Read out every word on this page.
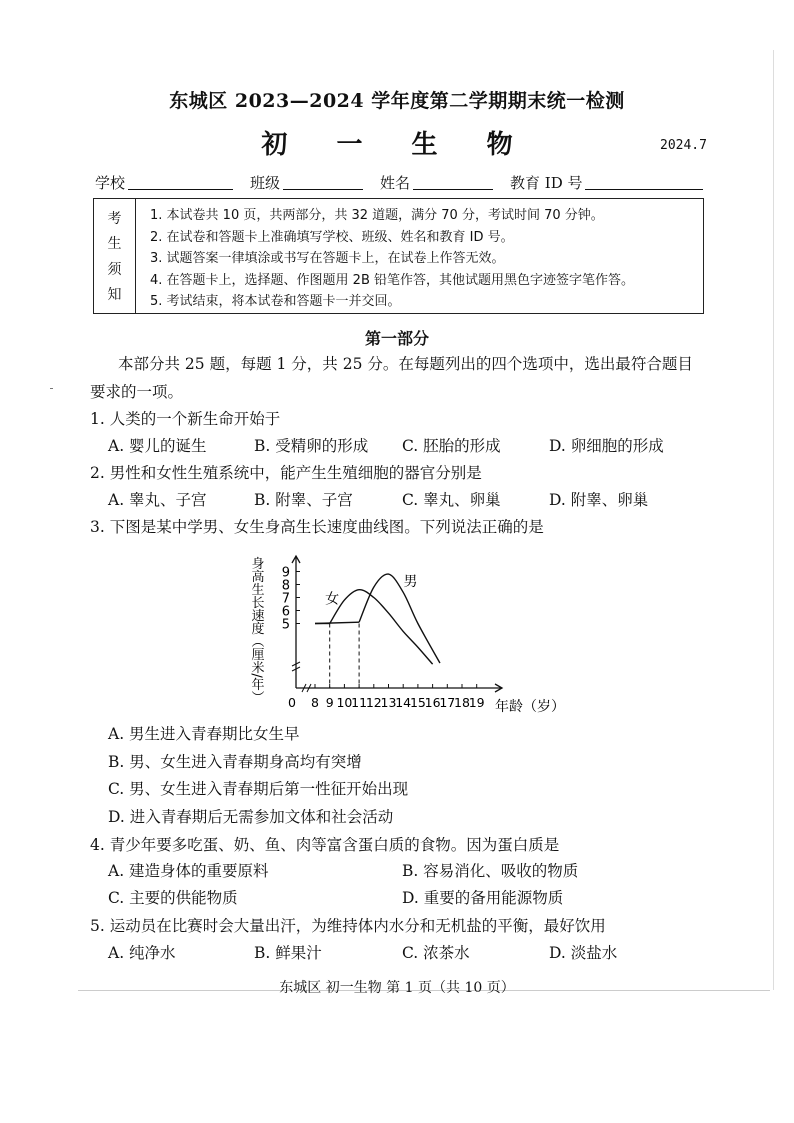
东城区 2023—2024 学年度第二学期期末统一检测
初 一 生 物	2024.7
学校	班级	姓名	教育 ID 号
考
生
须
知
1. 本试卷共 10 页，共两部分，共 32 道题，满分 70 分，考试时间 70 分钟。
2. 在试卷和答题卡上准确填写学校、班级、姓名和教育 ID 号。
3. 试题答案一律填涂或书写在答题卡上，在试卷上作答无效。
4. 在答题卡上，选择题、作图题用 2B 铅笔作答，其他试题用黑色字迹签字笔作答。
5. 考试结束，将本试卷和答题卡一并交回。
第一部分
本部分共 25 题，每题 1 分，共 25 分。在每题列出的四个选项中，选出最符合题目
要求的一项。
1. 人类的一个新生命开始于
A. 婴儿的诞生	B. 受精卵的形成 C. 胚胎的形成	D. 卵细胞的形成
2. 男性和女性生殖系统中，能产生生殖细胞的器官分别是
A. 睾丸、子宫	B. 附睾、子宫	C. 睾丸、卵巢	D. 附睾、卵巢
3. 下图是某中学男、女生身高生长速度曲线图。下列说法正确的是
5
6
7
8
9
0 8 9 10
11
12
13
14
15
16
17
18
19
女
男
身高生长速度（厘米/年）
年龄（岁）
A. 男生进入青春期比女生早
B. 男、女生进入青春期身高均有突增
C. 男、女生进入青春期后第一性征开始出现
D. 进入青春期后无需参加文体和社会活动
4. 青少年要多吃蛋、奶、鱼、肉等富含蛋白质的食物。因为蛋白质是
A. 建造身体的重要原料	B. 容易消化、吸收的物质
C. 主要的供能物质	D. 重要的备用能源物质
5. 运动员在比赛时会大量出汗，为维持体内水分和无机盐的平衡，最好饮用
A. 纯净水	B. 鲜果汁	C. 浓茶水	D. 淡盐水
东城区 初一生物 第 1 页（共 10 页）
